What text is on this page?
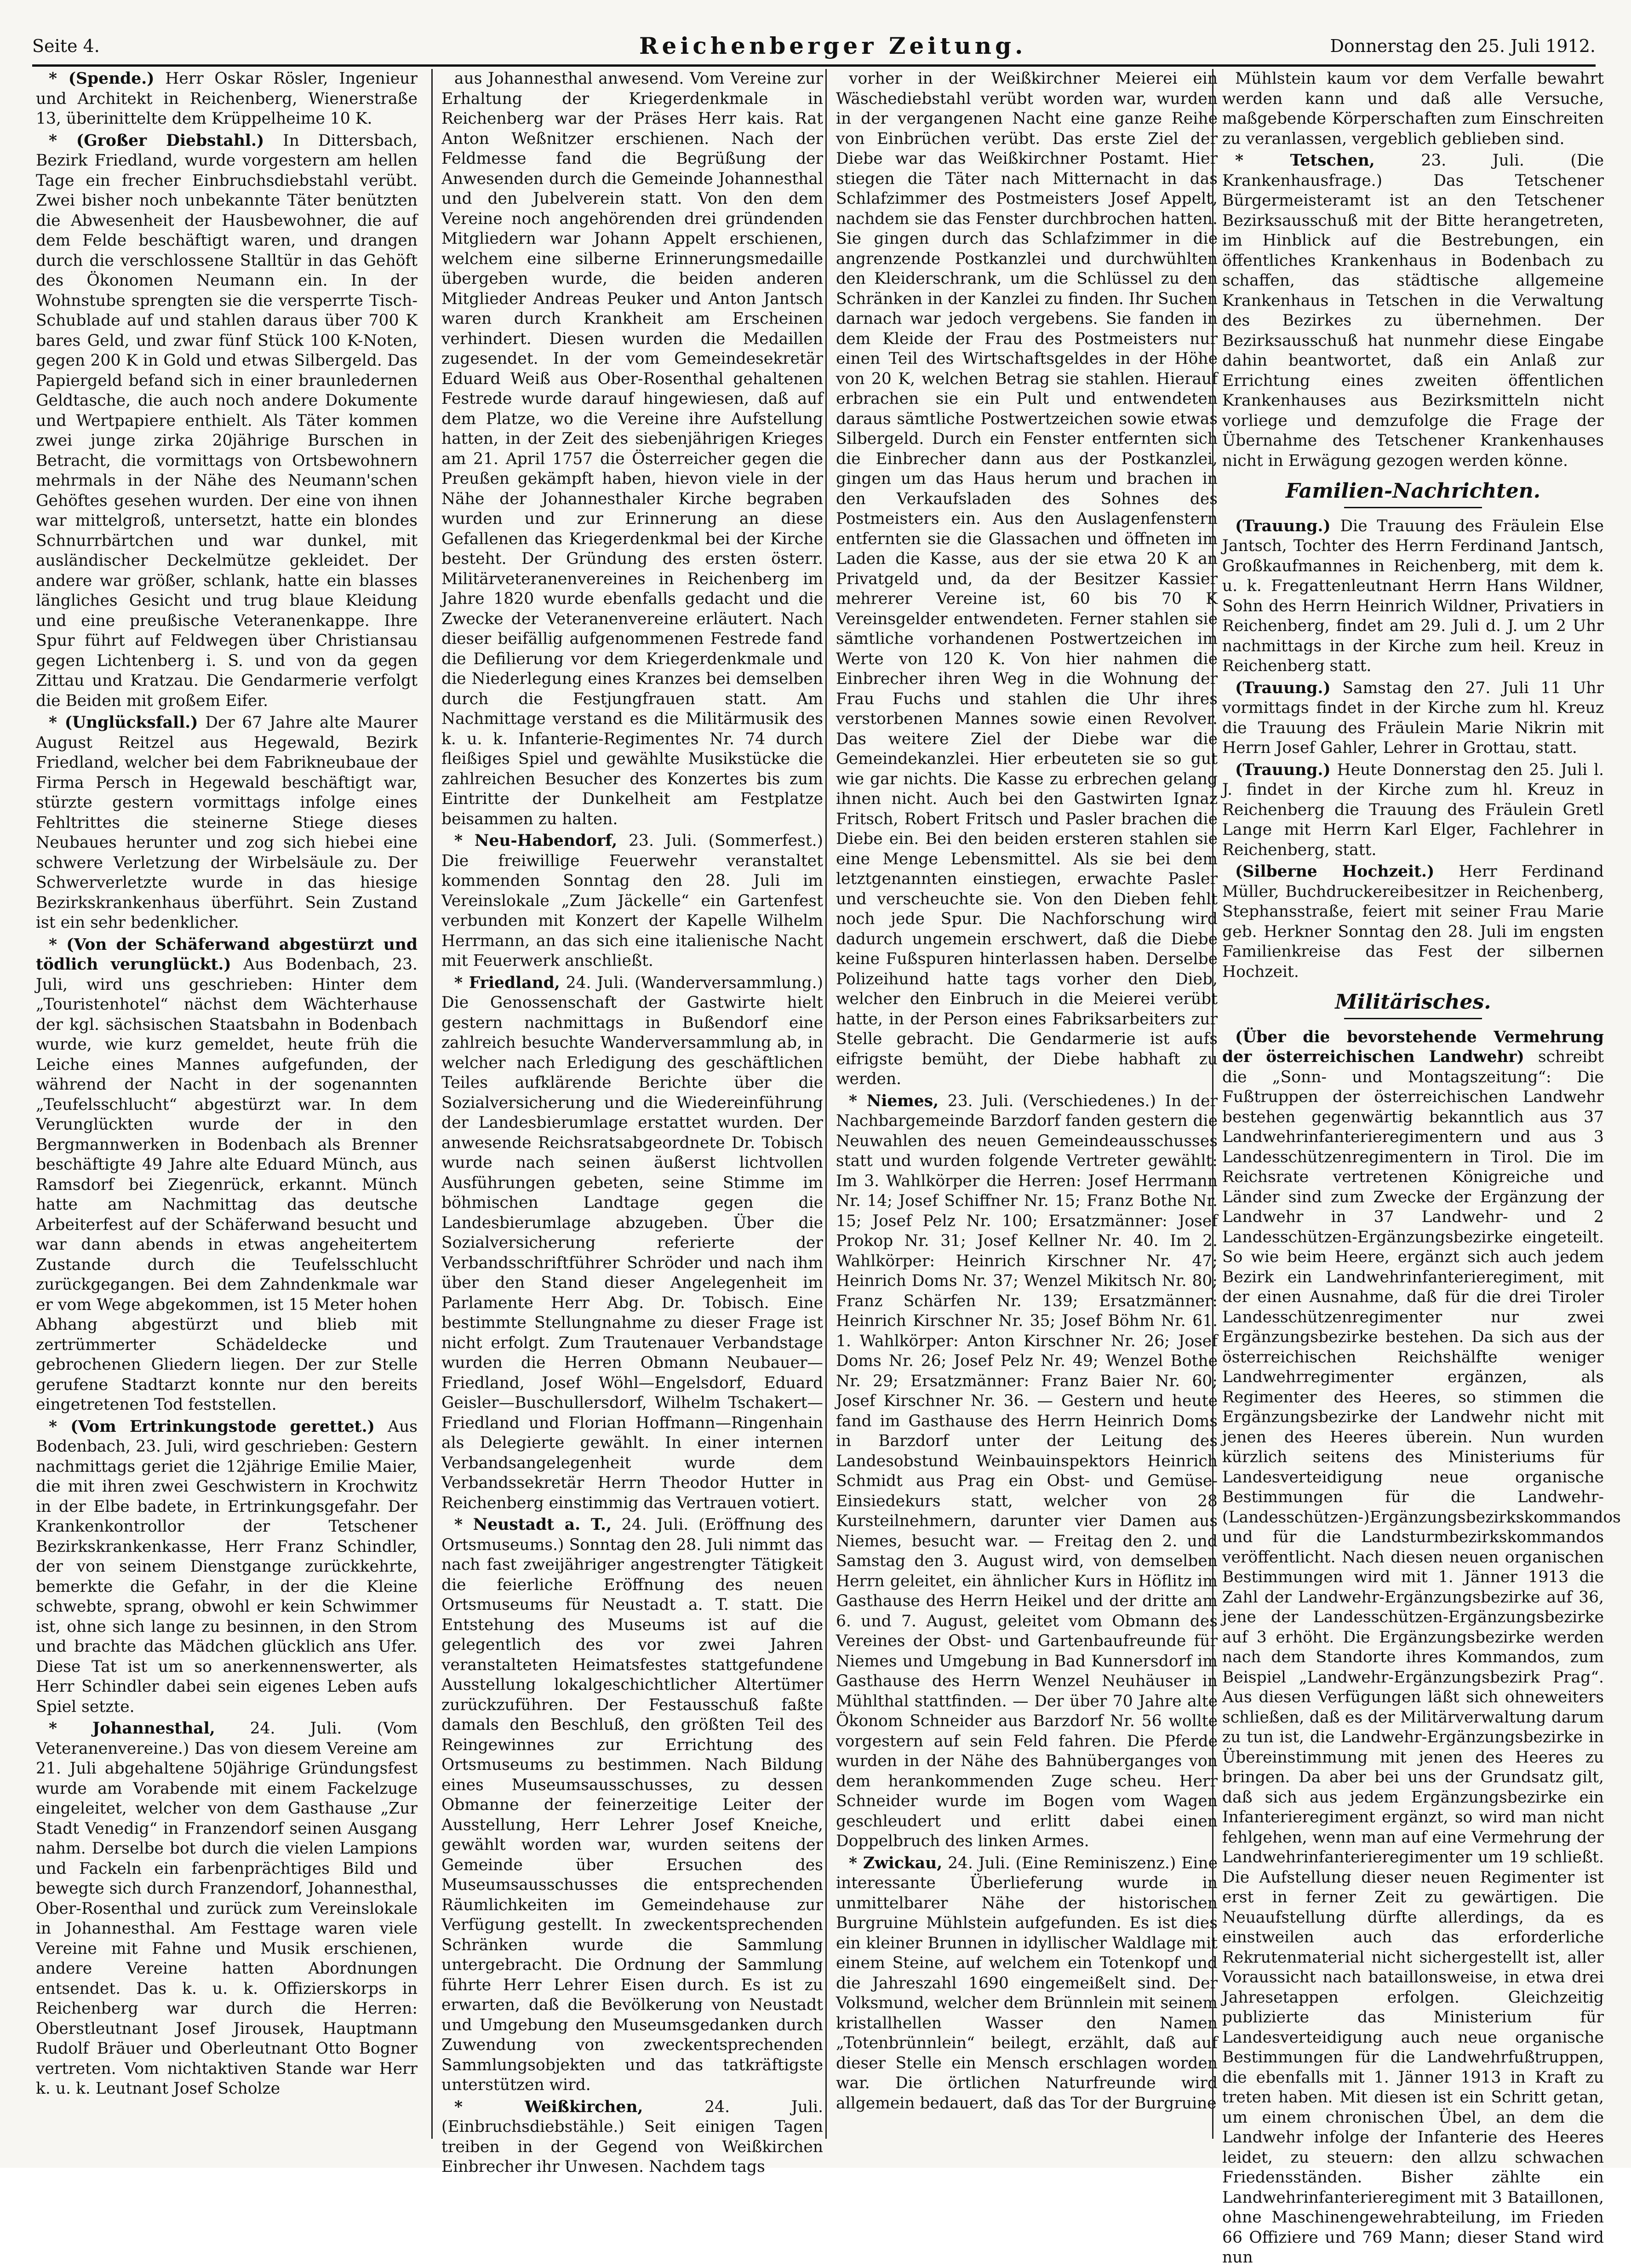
Seite 4.	Reichenberger Zeitung.	Donnerstag den 25. Juli 1912.

* (Spende.) Herr Oskar Rösler, Ingenieur und Architekt in Reichenberg, Wienerstraße 13, überinittelte dem Krüppelheime 10 K.

* (Großer Diebstahl.) In Dittersbach, Bezirk Friedland, wurde vorgestern am hellen Tage ein frecher Einbruchsdiebstahl verübt. Zwei bisher noch unbekannte Täter benützten die Abwesenheit der Hausbewohner, die auf dem Felde beschäftigt waren, und drangen durch die verschlossene Stalltür in das Gehöft des Ökonomen Neumann ein. In der Wohnstube sprengten sie die versperrte Tisch-Schublade auf und stahlen daraus über 700 K bares Geld, und zwar fünf Stück 100 K-Noten, gegen 200 K in Gold und etwas Silbergeld. Das Papiergeld befand sich in einer braunledernen Geldtasche, die auch noch andere Dokumente und Wertpapiere enthielt. Als Täter kommen zwei junge zirka 20jährige Burschen in Betracht, die vormittags von Ortsbewohnern mehrmals in der Nähe des Neumann'schen Gehöftes gesehen wurden. Der eine von ihnen war mittelgroß, untersetzt, hatte ein blondes Schnurrbärtchen und war dunkel, mit ausländischer Deckelmütze gekleidet. Der andere war größer, schlank, hatte ein blasses längliches Gesicht und trug blaue Kleidung und eine preußische Veteranenkappe. Ihre Spur führt auf Feldwegen über Christiansau gegen Lichtenberg i. S. und von da gegen Zittau und Kratzau. Die Gendarmerie verfolgt die Beiden mit großem Eifer.

* (Unglücksfall.) Der 67 Jahre alte Maurer August Reitzel aus Hegewald, Bezirk Friedland, welcher bei dem Fabrikneubaue der Firma Persch in Hegewald beschäftigt war, stürzte gestern vormittags infolge eines Fehltrittes die steinerne Stiege dieses Neubaues herunter und zog sich hiebei eine schwere Verletzung der Wirbelsäule zu. Der Schwerverletzte wurde in das hiesige Bezirkskrankenhaus überführt. Sein Zustand ist ein sehr bedenklicher.

* (Von der Schäferwand abgestürzt und tödlich verunglückt.) Aus Bodenbach, 23. Juli, wird uns geschrieben: Hinter dem „Touristenhotel“ nächst dem Wächterhause der kgl. sächsischen Staatsbahn in Bodenbach wurde, wie kurz gemeldet, heute früh die Leiche eines Mannes aufgefunden, der während der Nacht in der sogenannten „Teufelsschlucht“ abgestürzt war. In dem Verunglückten wurde der in den Bergmannwerken in Bodenbach als Brenner beschäftigte 49 Jahre alte Eduard Münch, aus Ramsdorf bei Ziegenrück, erkannt. Münch hatte am Nachmittag das deutsche Arbeiterfest auf der Schäferwand besucht und war dann abends in etwas angeheitertem Zustande durch die Teufelsschlucht zurückgegangen. Bei dem Zahndenkmale war er vom Wege abgekommen, ist 15 Meter hohen Abhang abgestürzt und blieb mit zertrümmerter Schädeldecke und gebrochenen Gliedern liegen. Der zur Stelle gerufene Stadtarzt konnte nur den bereits eingetretenen Tod feststellen.

* (Vom Ertrinkungstode gerettet.) Aus Bodenbach, 23. Juli, wird geschrieben: Gestern nachmittags geriet die 12jährige Emilie Maier, die mit ihren zwei Geschwistern in Krochwitz in der Elbe badete, in Ertrinkungsgefahr. Der Krankenkontrollor der Tetschener Bezirkskrankenkasse, Herr Franz Schindler, der von seinem Dienstgange zurückkehrte, bemerkte die Gefahr, in der die Kleine schwebte, sprang, obwohl er kein Schwimmer ist, ohne sich lange zu besinnen, in den Strom und brachte das Mädchen glücklich ans Ufer. Diese Tat ist um so anerkennenswerter, als Herr Schindler dabei sein eigenes Leben aufs Spiel setzte.

* Johannesthal, 24. Juli. (Vom Veteranenvereine.) Das von diesem Vereine am 21. Juli abgehaltene 50jährige Gründungsfest wurde am Vorabende mit einem Fackelzuge eingeleitet, welcher von dem Gasthause „Zur Stadt Venedig“ in Franzendorf seinen Ausgang nahm. Derselbe bot durch die vielen Lampions und Fackeln ein farbenprächtiges Bild und bewegte sich durch Franzendorf, Johannesthal, Ober-Rosenthal und zurück zum Vereinslokale in Johannesthal. Am Festtage waren viele Vereine mit Fahne und Musik erschienen, andere Vereine hatten Abordnungen entsendet. Das k. u. k. Offizierskorps in Reichenberg war durch die Herren: Oberstleutnant Josef Jirousek, Hauptmann Rudolf Bräuer und Oberleutnant Otto Bogner vertreten. Vom nichtaktiven Stande war Herr k. u. k. Leutnant Josef Scholze

aus Johannesthal anwesend. Vom Vereine zur Erhaltung der Kriegerdenkmale in Reichenberg war der Präses Herr kais. Rat Anton Weßnitzer erschienen. Nach der Feldmesse fand die Begrüßung der Anwesenden durch die Gemeinde Johannesthal und den Jubelverein statt. Von den dem Vereine noch angehörenden drei gründenden Mitgliedern war Johann Appelt erschienen, welchem eine silberne Erinnerungsmedaille übergeben wurde, die beiden anderen Mitglieder Andreas Peuker und Anton Jantsch waren durch Krankheit am Erscheinen verhindert. Diesen wurden die Medaillen zugesendet. In der vom Gemeindesekretär Eduard Weiß aus Ober-Rosenthal gehaltenen Festrede wurde darauf hingewiesen, daß auf dem Platze, wo die Vereine ihre Aufstellung hatten, in der Zeit des siebenjährigen Krieges am 21. April 1757 die Österreicher gegen die Preußen gekämpft haben, hievon viele in der Nähe der Johannesthaler Kirche begraben wurden und zur Erinnerung an diese Gefallenen das Kriegerdenkmal bei der Kirche besteht. Der Gründung des ersten österr. Militärveteranenvereines in Reichenberg im Jahre 1820 wurde ebenfalls gedacht und die Zwecke der Veteranenvereine erläutert. Nach dieser beifällig aufgenommenen Festrede fand die Defilierung vor dem Kriegerdenkmale und die Niederlegung eines Kranzes bei demselben durch die Festjungfrauen statt. Am Nachmittage verstand es die Militärmusik des k. u. k. Infanterie-Regimentes Nr. 74 durch fleißiges Spiel und gewählte Musikstücke die zahlreichen Besucher des Konzertes bis zum Eintritte der Dunkelheit am Festplatze beisammen zu halten.

* Neu-Habendorf, 23. Juli. (Sommerfest.) Die freiwillige Feuerwehr veranstaltet kommenden Sonntag den 28. Juli im Vereinslokale „Zum Jäckelle“ ein Gartenfest verbunden mit Konzert der Kapelle Wilhelm Herrmann, an das sich eine italienische Nacht mit Feuerwerk anschließt.

* Friedland, 24. Juli. (Wanderversammlung.) Die Genossenschaft der Gastwirte hielt gestern nachmittags in Bußendorf eine zahlreich besuchte Wanderversammlung ab, in welcher nach Erledigung des geschäftlichen Teiles aufklärende Berichte über die Sozialversicherung und die Wiedereinführung der Landesbierumlage erstattet wurden. Der anwesende Reichsratsabgeordnete Dr. Tobisch wurde nach seinen äußerst lichtvollen Ausführungen gebeten, seine Stimme im böhmischen Landtage gegen die Landesbierumlage abzugeben. Über die Sozialversicherung referierte der Verbandsschriftführer Schröder und nach ihm über den Stand dieser Angelegenheit im Parlamente Herr Abg. Dr. Tobisch. Eine bestimmte Stellungnahme zu dieser Frage ist nicht erfolgt. Zum Trautenauer Verbandstage wurden die Herren Obmann Neubauer—Friedland, Josef Wöhl—Engelsdorf, Eduard Geisler—Buschullersdorf, Wilhelm Tschakert—Friedland und Florian Hoffmann—Ringenhain als Delegierte gewählt. In einer internen Verbandsangelegenheit wurde dem Verbandssekretär Herrn Theodor Hutter in Reichenberg einstimmig das Vertrauen votiert.

* Neustadt a. T., 24. Juli. (Eröffnung des Ortsmuseums.) Sonntag den 28. Juli nimmt das nach fast zweijähriger angestrengter Tätigkeit die feierliche Eröffnung des neuen Ortsmuseums für Neustadt a. T. statt. Die Entstehung des Museums ist auf die gelegentlich des vor zwei Jahren veranstalteten Heimatsfestes stattgefundene Ausstellung lokalgeschichtlicher Altertümer zurückzuführen. Der Festausschuß faßte damals den Beschluß, den größten Teil des Reingewinnes zur Errichtung des Ortsmuseums zu bestimmen. Nach Bildung eines Museumsausschusses, zu dessen Obmanne der feinerzeitige Leiter der Ausstellung, Herr Lehrer Josef Kneiche, gewählt worden war, wurden seitens der Gemeinde über Ersuchen des Museumsausschusses die entsprechenden Räumlichkeiten im Gemeindehause zur Verfügung gestellt. In zweckentsprechenden Schränken wurde die Sammlung untergebracht. Die Ordnung der Sammlung führte Herr Lehrer Eisen durch. Es ist zu erwarten, daß die Bevölkerung von Neustadt und Umgebung den Museumsgedanken durch Zuwendung von zweckentsprechenden Sammlungsobjekten und das tatkräftigste unterstützen wird.

* Weißkirchen,	24. Juli. (Einbruchsdiebstähle.) Seit einigen Tagen treiben in der Gegend von Weißkirchen Einbrecher ihr Unwesen. Nachdem tags

vorher in der Weißkirchner Meierei ein Wäschediebstahl verübt worden war, wurden in der vergangenen Nacht eine ganze Reihe von Einbrüchen verübt. Das erste Ziel der Diebe war das Weißkirchner Postamt. Hier stiegen die Täter nach Mitternacht in das Schlafzimmer des Postmeisters Josef Appelt, nachdem sie das Fenster durchbrochen hatten. Sie gingen durch das Schlafzimmer in die angrenzende Postkanzlei und durchwühlten den Kleiderschrank, um die Schlüssel zu den Schränken in der Kanzlei zu finden. Ihr Suchen darnach war jedoch vergebens. Sie fanden in dem Kleide der Frau des Postmeisters nur einen Teil des Wirtschaftsgeldes in der Höhe von 20 K, welchen Betrag sie stahlen. Hierauf erbrachen sie ein Pult und entwendeten daraus sämtliche Postwertzeichen sowie etwas Silbergeld. Durch ein Fenster entfernten sich die Einbrecher dann aus der Postkanzlei, gingen um das Haus herum und brachen in den Verkaufsladen des Sohnes des Postmeisters ein. Aus den Auslagenfenstern entfernten sie die Glassachen und öffneten im Laden die Kasse, aus der sie etwa 20 K an Privatgeld und, da der Besitzer Kassier mehrerer Vereine ist, 60 bis 70 K Vereinsgelder entwendeten. Ferner stahlen sie sämtliche vorhandenen Postwertzeichen im Werte von 120 K. Von hier nahmen die Einbrecher ihren Weg in die Wohnung der Frau Fuchs und stahlen die Uhr ihres verstorbenen Mannes sowie einen Revolver. Das weitere Ziel der Diebe war die Gemeindekanzlei. Hier erbeuteten sie so gut wie gar nichts. Die Kasse zu erbrechen gelang ihnen nicht. Auch bei den Gastwirten Ignaz Fritsch, Robert Fritsch und Pasler brachen die Diebe ein. Bei den beiden ersteren stahlen sie eine Menge Lebensmittel. Als sie bei dem letztgenannten einstiegen, erwachte Pasler und verscheuchte sie. Von den Dieben fehlt noch jede Spur. Die Nachforschung wird dadurch ungemein erschwert, daß die Diebe keine Fußspuren hinterlassen haben. Derselbe Polizeihund hatte tags vorher den Dieb, welcher den Einbruch in die Meierei verübt hatte, in der Person eines Fabriksarbeiters zur Stelle gebracht. Die Gendarmerie ist aufs eifrigste bemüht, der Diebe habhaft zu werden.

* Niemes, 23. Juli. (Verschiedenes.) In der Nachbargemeinde Barzdorf fanden gestern die Neuwahlen des neuen Gemeindeausschusses statt und wurden folgende Vertreter gewählt: Im 3. Wahlkörper die Herren: Josef Herrmann Nr. 14; Josef Schiffner Nr. 15; Franz Bothe Nr. 15; Josef Pelz Nr. 100; Ersatzmänner: Josef Prokop Nr. 31; Josef Kellner Nr. 40. Im 2. Wahlkörper: Heinrich Kirschner Nr. 47; Heinrich Doms Nr. 37; Wenzel Mikitsch Nr. 80; Franz Schärfen Nr. 139; Ersatzmänner: Heinrich Kirschner Nr. 35; Josef Böhm Nr. 61. 1. Wahlkörper: Anton Kirschner Nr. 26; Josef Doms Nr. 26; Josef Pelz Nr. 49; Wenzel Bothe Nr. 29; Ersatzmänner: Franz Baier Nr. 60; Josef Kirschner Nr. 36. — Gestern und heute fand im Gasthause des Herrn Heinrich Doms in Barzdorf unter der Leitung des Landesobstund Weinbauinspektors Heinrich Schmidt aus Prag ein Obst- und Gemüse-Einsiedekurs statt, welcher von 28 Kursteilnehmern, darunter vier Damen aus Niemes, besucht war. — Freitag den 2. und Samstag den 3. August wird, von demselben Herrn geleitet, ein ähnlicher Kurs in Höflitz im Gasthause des Herrn Heikel und der dritte am 6. und 7. August, geleitet vom Obmann des Vereines der Obst- und Gartenbaufreunde für Niemes und Umgebung in Bad Kunnersdorf im Gasthause des Herrn Wenzel Neuhäuser in Mühlthal stattfinden. — Der über 70 Jahre alte Ökonom Schneider aus Barzdorf Nr. 56 wollte vorgestern auf sein Feld fahren. Die Pferde wurden in der Nähe des Bahnüberganges von dem herankommenden Zuge scheu. Herr Schneider wurde im Bogen vom Wagen geschleudert und erlitt dabei einen Doppelbruch des linken Armes.

* Zwickau, 24. Juli. (Eine Reminiszenz.) Eine interessante Überlieferung wurde in unmittelbarer Nähe der historischen Burgruine Mühlstein aufgefunden. Es ist dies ein kleiner Brunnen in idyllischer Waldlage mit einem Steine, auf welchem ein Totenkopf und die Jahreszahl 1690 eingemeißelt sind. Der Volksmund, welcher dem Brünnlein mit seinem kristallhellen Wasser den Namen „Totenbrünnlein“ beilegt, erzählt, daß auf dieser Stelle ein Mensch erschlagen worden war. Die örtlichen Naturfreunde wird allgemein bedauert, daß das Tor der Burgruine

Mühlstein kaum vor dem Verfalle bewahrt werden kann und daß alle Versuche, maßgebende Körperschaften zum Einschreiten zu veranlassen, vergeblich geblieben sind.

* Tetschen,	23. Juli. (Die Krankenhausfrage.) Das Tetschener Bürgermeisteramt ist an den Tetschener Bezirksausschuß mit der Bitte herangetreten, im Hinblick auf die Bestrebungen, ein öffentliches Krankenhaus in Bodenbach zu schaffen, das städtische allgemeine Krankenhaus in Tetschen in die Verwaltung des Bezirkes zu übernehmen. Der Bezirksausschuß hat nunmehr diese Eingabe dahin beantwortet, daß ein Anlaß zur Errichtung eines zweiten öffentlichen Krankenhauses aus Bezirksmitteln nicht vorliege und demzufolge die Frage der Übernahme des Tetschener Krankenhauses nicht in Erwägung gezogen werden könne.

Familien-Nachrichten.

(Trauung.) Die Trauung des Fräulein Else Jantsch, Tochter des Herrn Ferdinand Jantsch, Großkaufmannes in Reichenberg, mit dem k. u. k. Fregattenleutnant Herrn Hans Wildner, Sohn des Herrn Heinrich Wildner, Privatiers in Reichenberg, findet am 29. Juli d. J. um 2 Uhr nachmittags in der Kirche zum heil. Kreuz in Reichenberg statt.

(Trauung.) Samstag den 27. Juli 11 Uhr vormittags findet in der Kirche zum hl. Kreuz die Trauung des Fräulein Marie Nikrin mit Herrn Josef Gahler, Lehrer in Grottau, statt.

(Trauung.) Heute Donnerstag den 25. Juli l. J. findet in der Kirche zum hl. Kreuz in Reichenberg die Trauung des Fräulein Gretl Lange mit Herrn Karl Elger, Fachlehrer in Reichenberg, statt.

(Silberne Hochzeit.) Herr Ferdinand Müller, Buchdruckereibesitzer in Reichenberg, Stephansstraße, feiert mit seiner Frau Marie geb. Herkner Sonntag den 28. Juli im engsten Familienkreise das Fest der silbernen Hochzeit.

Militärisches.

(Über die bevorstehende Vermehrung der österreichischen Landwehr) schreibt die „Sonn- und Montagszeitung“: Die Fußtruppen der österreichischen Landwehr bestehen gegenwärtig bekanntlich aus 37 Landwehrinfanterieregimentern und aus 3 Landesschützenregimentern in Tirol. Die im Reichsrate vertretenen Königreiche und Länder sind zum Zwecke der Ergänzung der Landwehr in 37 Landwehr- und 2 Landesschützen-Ergänzungsbezirke eingeteilt. So wie beim Heere, ergänzt sich auch jedem Bezirk ein Landwehrinfanterieregiment, mit der einen Ausnahme, daß für die drei Tiroler Landesschützenregimenter nur zwei Ergänzungsbezirke bestehen. Da sich aus der österreichischen Reichshälfte weniger Landwehrregimenter ergänzen, als Regimenter des Heeres, so stimmen die Ergänzungsbezirke der Landwehr nicht mit jenen des Heeres überein. Nun wurden kürzlich seitens des Ministeriums für Landesverteidigung neue organische Bestimmungen für die Landwehr-(Landesschützen-)Ergänzungsbezirkskommandos und für die Landsturmbezirkskommandos veröffentlicht. Nach diesen neuen organischen Bestimmungen wird mit 1. Jänner 1913 die Zahl der Landwehr-Ergänzungsbezirke auf 36, jene der Landesschützen-Ergänzungsbezirke auf 3 erhöht. Die Ergänzungsbezirke werden nach dem Standorte ihres Kommandos, zum Beispiel „Landwehr-Ergänzungsbezirk Prag“. Aus diesen Verfügungen läßt sich ohneweiters schließen, daß es der Militärverwaltung darum zu tun ist, die Landwehr-Ergänzungsbezirke in Übereinstimmung mit jenen des Heeres zu bringen. Da aber bei uns der Grundsatz gilt, daß sich aus jedem Ergänzungsbezirke ein Infanterieregiment ergänzt, so wird man nicht fehlgehen, wenn man auf eine Vermehrung der Landwehrinfanterieregimenter um 19 schließt. Die Aufstellung dieser neuen Regimenter ist erst in ferner Zeit zu gewärtigen. Die Neuaufstellung dürfte allerdings, da es einstweilen auch das erforderliche Rekrutenmaterial nicht sichergestellt ist, aller Voraussicht nach bataillonsweise, in etwa drei Jahresetappen erfolgen. Gleichzeitig publizierte das Ministerium für Landesverteidigung auch neue organische Bestimmungen für die Landwehrfußtruppen, die ebenfalls mit 1. Jänner 1913 in Kraft zu treten haben. Mit diesen ist ein Schritt getan, um einem chronischen Übel, an dem die Landwehr infolge der Infanterie des Heeres leidet, zu steuern: den allzu schwachen Friedensständen. Bisher zählte ein Landwehrinfanterieregiment mit 3 Bataillonen, ohne Maschinengewehrabteilung, im Frieden 66 Offiziere und 769 Mann; dieser Stand wird nun
